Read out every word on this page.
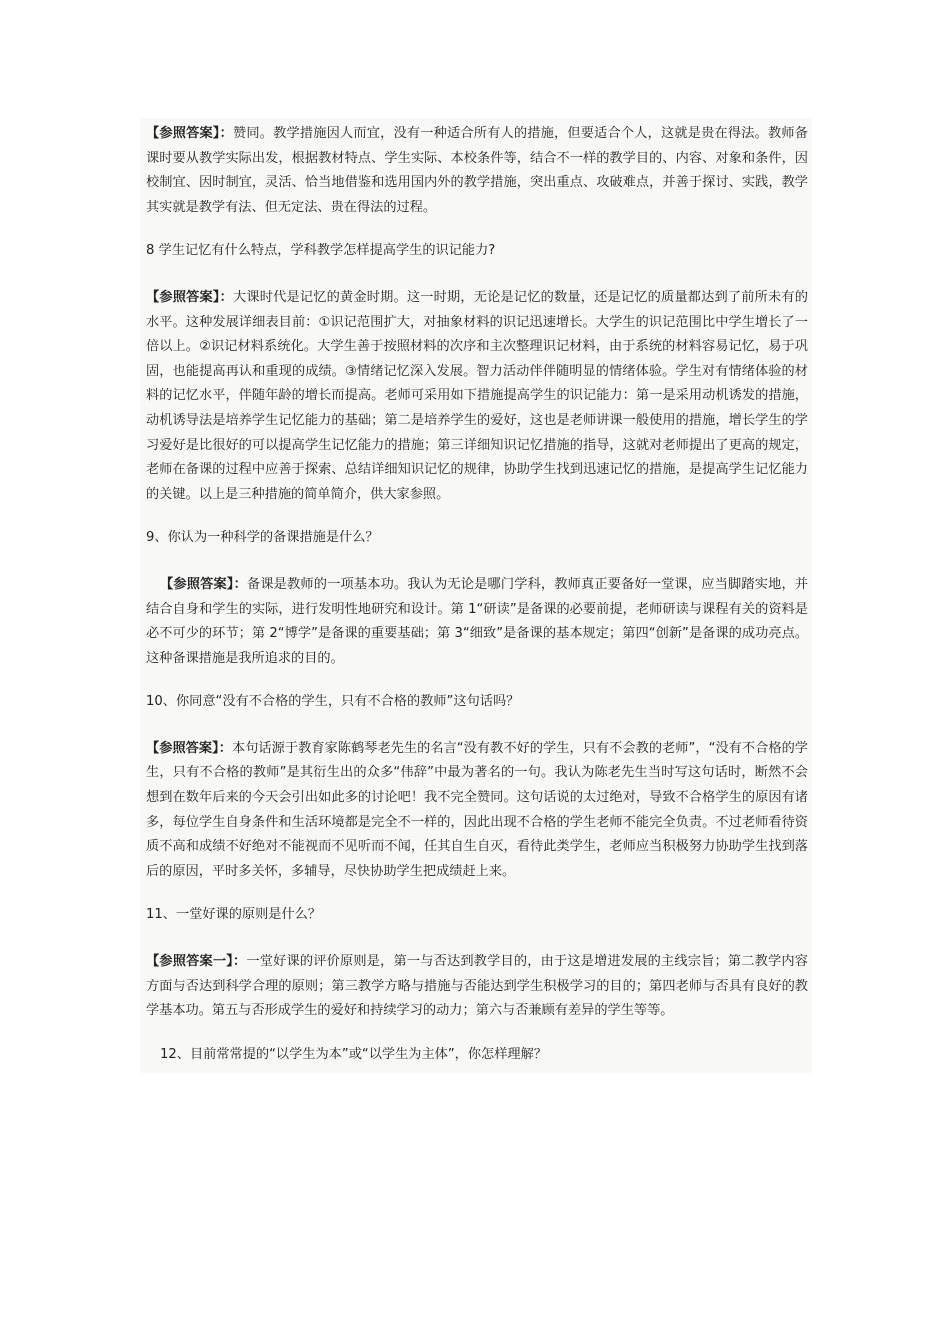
【参照答案】：赞同。教学措施因人而宜，没有一种适合所有人的措施，但要适合个人，这就是贵在得法。教师备课时要从教学实际出发，根据教材特点、学生实际、本校条件等，结合不一样的教学目的、内容、对象和条件，因校制宜、因时制宜，灵活、恰当地借鉴和选用国内外的教学措施，突出重点、攻破难点，并善于探讨、实践，教学其实就是教学有法、但无定法、贵在得法的过程。

8 学生记忆有什么特点，学科教学怎样提高学生的识记能力?

【参照答案】：大课时代是记忆的黄金时期。这一时期，无论是记忆的数量，还是记忆的质量都达到了前所未有的水平。这种发展详细表目前：①识记范围扩大，对抽象材料的识记迅速增长。大学生的识记范围比中学生增长了一倍以上。②识记材料系统化。大学生善于按照材料的次序和主次整理识记材料，由于系统的材料容易记忆，易于巩固，也能提高再认和重现的成绩。③情绪记忆深入发展。智力活动伴伴随明显的情绪体验。学生对有情绪体验的材料的记忆水平，伴随年龄的增长而提高。老师可采用如下措施提高学生的识记能力：第一是采用动机诱发的措施，动机诱导法是培养学生记忆能力的基础；第二是培养学生的爱好，这也是老师讲课一般使用的措施，增长学生的学习爱好是比很好的可以提高学生记忆能力的措施；第三详细知识记忆措施的指导，这就对老师提出了更高的规定，老师在备课的过程中应善于探索、总结详细知识记忆的规律，协助学生找到迅速记忆的措施，是提高学生记忆能力的关键。以上是三种措施的简单简介，供大家参照。

9、你认为一种科学的备课措施是什么？

【参照答案】：备课是教师的一项基本功。我认为无论是哪门学科，教师真正要备好一堂课，应当脚踏实地，并结合自身和学生的实际，进行发明性地研究和设计。第 1“研读”是备课的必要前提，老师研读与课程有关的资料是必不可少的环节；第 2“博学”是备课的重要基础；第 3“细致”是备课的基本规定；第四“创新”是备课的成功亮点。这种备课措施是我所追求的目的。

10、你同意“没有不合格的学生，只有不合格的教师”这句话吗？

【参照答案】：本句话源于教育家陈鹤琴老先生的名言“没有教不好的学生，只有不会教的老师”，“没有不合格的学生，只有不合格的教师”是其衍生出的众多“伟辞”中最为著名的一句。我认为陈老先生当时写这句话时，断然不会想到在数年后来的今天会引出如此多的讨论吧！我不完全赞同。这句话说的太过绝对，导致不合格学生的原因有诸多，每位学生自身条件和生活环境都是完全不一样的，因此出现不合格的学生老师不能完全负责。不过老师看待资质不高和成绩不好绝对不能视而不见听而不闻，任其自生自灭，看待此类学生，老师应当积极努力协助学生找到落后的原因，平时多关怀，多辅导，尽快协助学生把成绩赶上来。

11、一堂好课的原则是什么？

【参照答案一】：一堂好课的评价原则是，第一与否达到教学目的，由于这是增进发展的主线宗旨；第二教学内容方面与否达到科学合理的原则；第三教学方略与措施与否能达到学生积极学习的目的；第四老师与否具有良好的教学基本功。第五与否形成学生的爱好和持续学习的动力；第六与否兼顾有差异的学生等等。

12、目前常常提的“以学生为本”或“以学生为主体”，你怎样理解？
